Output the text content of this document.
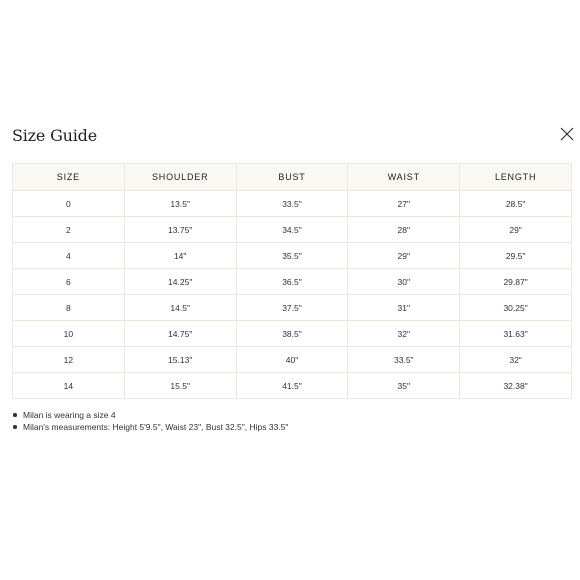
Size Guide
SIZE	SHOULDER	BUST	WAIST	LENGTH
0	13.5"	33.5"	27"	28.5"
2	13.75"	34.5"	28"	29"
4	14"	35.5"	29"	29.5"
6	14.25"	36.5"	30"	29.87"
8	14.5"	37.5"	31"	30.25"
10	14.75"	38.5"	32"	31.63"
12	15.13"	40"	33.5"	32"
14	15.5"	41.5"	35"	32.38"
Milan is wearing a size 4
Milan's measurements: Height 5'9.5", Waist 23", Bust 32.5", Hips 33.5"
